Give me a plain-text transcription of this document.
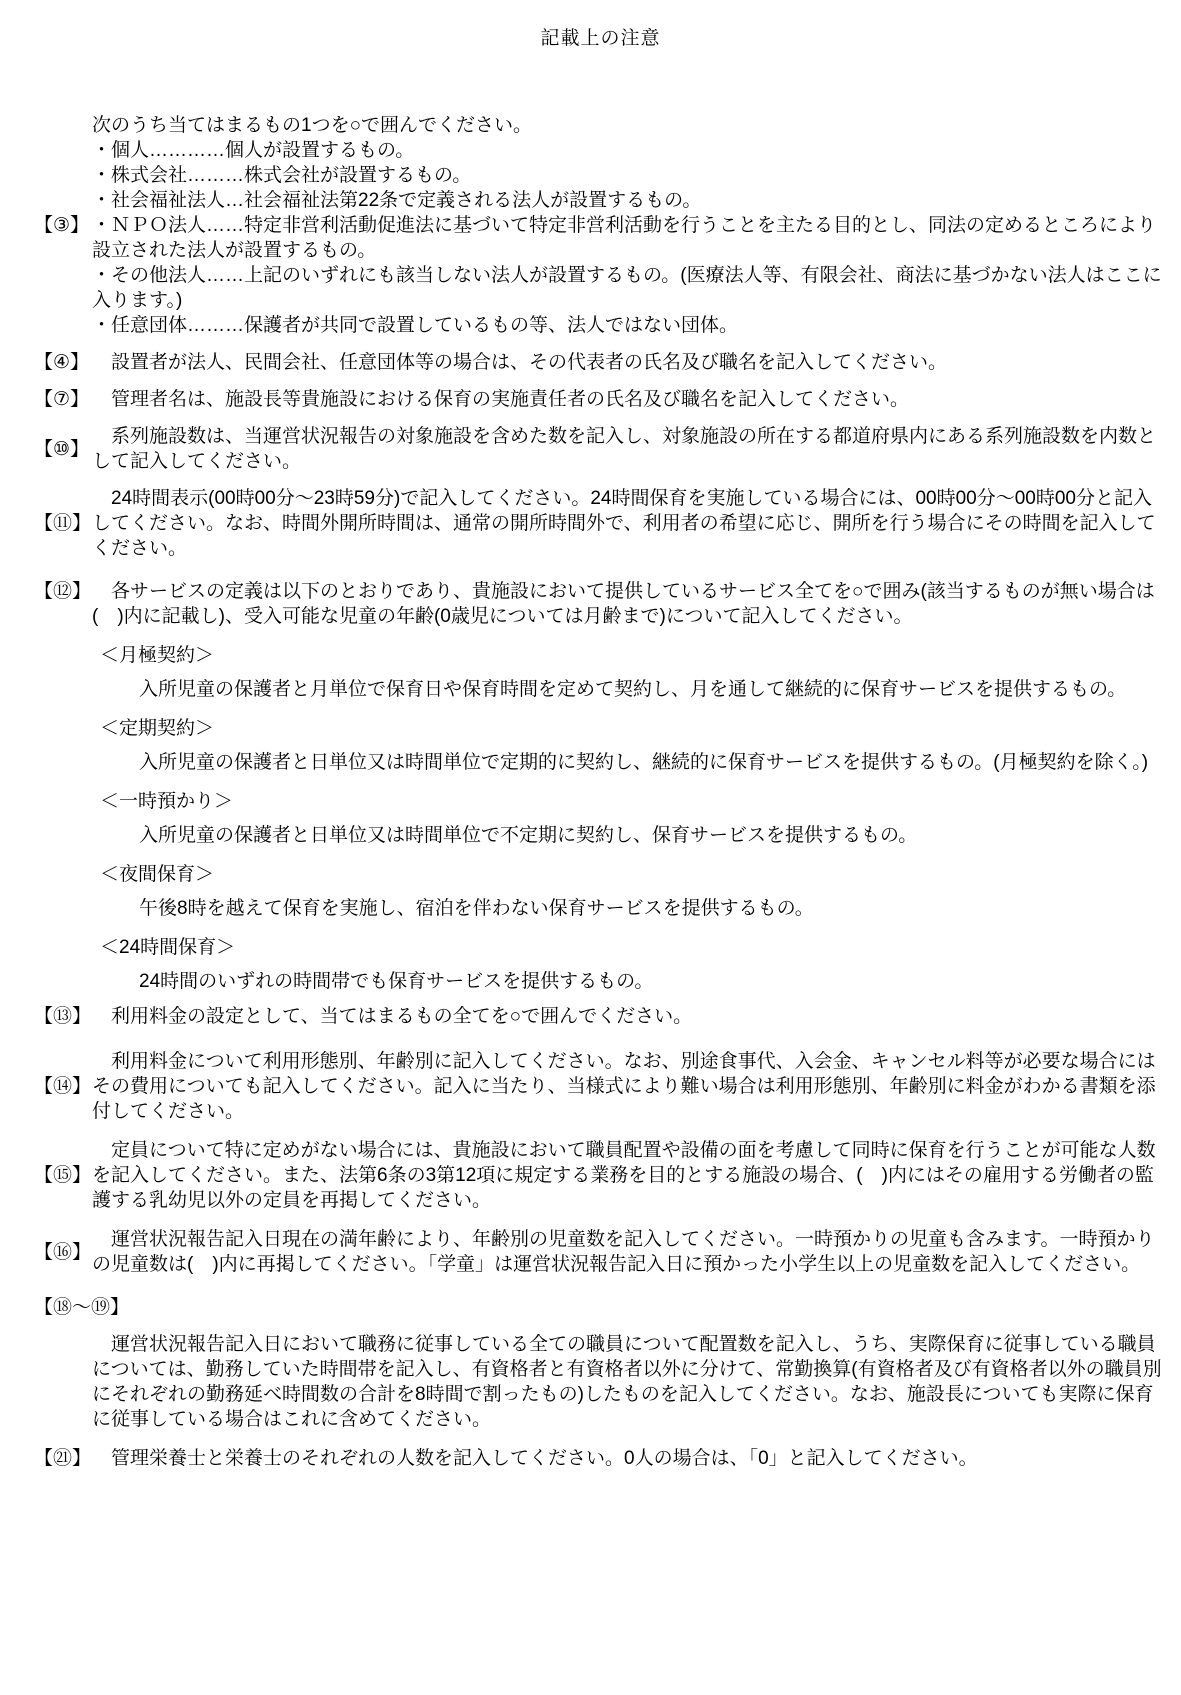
記載上の注意
【③】

次のうち当てはまるもの1つを○で囲んでください。

・個人…………個人が設置するもの。

・株式会社………株式会社が設置するもの。

・社会福祉法人…社会福祉法第22条で定義される法人が設置するもの。

・ＮＰＯ法人……特定非営利活動促進法に基づいて特定非営利活動を行うことを主たる目的とし、同法の定めるところにより設立された法人が設置するもの。

・その他法人……上記のいずれにも該当しない法人が設置するもの。(医療法人等、有限会社、商法に基づかない法人はここに入ります。)

・任意団体………保護者が共同で設置しているもの等、法人ではない団体。

【④】	設置者が法人、民間会社、任意団体等の場合は、その代表者の氏名及び職名を記入してください。

【⑦】	管理者名は、施設長等貴施設における保育の実施責任者の氏名及び職名を記入してください。

【⑩】

系列施設数は、当運営状況報告の対象施設を含めた数を記入し、対象施設の所在する都道府県内にある系列施設数を内数として記入してください。

【⑪】

24時間表示(00時00分～23時59分)で記入してください。24時間保育を実施している場合には、00時00分～00時00分と記入してください。なお、時間外開所時間は、通常の開所時間外で、利用者の希望に応じ、開所を行う場合にその時間を記入してください。

【⑫】	各サービスの定義は以下のとおりであり、貴施設において提供しているサービス全てを○で囲み(該当するものが無い場合は(　)内に記載し)、受入可能な児童の年齢(0歳児については月齢まで)について記入してください。

＜月極契約＞

入所児童の保護者と月単位で保育日や保育時間を定めて契約し、月を通して継続的に保育サービスを提供するもの。

＜定期契約＞

入所児童の保護者と日単位又は時間単位で定期的に契約し、継続的に保育サービスを提供するもの。(月極契約を除く。)

＜一時預かり＞

入所児童の保護者と日単位又は時間単位で不定期に契約し、保育サービスを提供するもの。

＜夜間保育＞

午後8時を越えて保育を実施し、宿泊を伴わない保育サービスを提供するもの。

＜24時間保育＞

24時間のいずれの時間帯でも保育サービスを提供するもの。

【⑬】	利用料金の設定として、当てはまるもの全てを○で囲んでください。

【⑭】

利用料金について利用形態別、年齢別に記入してください。なお、別途食事代、入会金、キャンセル料等が必要な場合にはその費用についても記入してください。記入に当たり、当様式により難い場合は利用形態別、年齢別に料金がわかる書類を添付してください。

【⑮】

定員について特に定めがない場合には、貴施設において職員配置や設備の面を考慮して同時に保育を行うことが可能な人数を記入してください。また、法第6条の3第12項に規定する業務を目的とする施設の場合、(　)内にはその雇用する労働者の監護する乳幼児以外の定員を再掲してください。

【⑯】

運営状況報告記入日現在の満年齢により、年齢別の児童数を記入してください。一時預かりの児童も含みます。一時預かりの児童数は(　)内に再掲してください。「学童」は運営状況報告記入日に預かった小学生以上の児童数を記入してください。

【⑱～⑲】

運営状況報告記入日において職務に従事している全ての職員について配置数を記入し、うち、実際保育に従事している職員については、勤務していた時間帯を記入し、有資格者と有資格者以外に分けて、常勤換算(有資格者及び有資格者以外の職員別にそれぞれの勤務延べ時間数の合計を8時間で割ったもの)したものを記入してください。なお、施設長についても実際に保育に従事している場合はこれに含めてください。

【㉑】	管理栄養士と栄養士のそれぞれの人数を記入してください。0人の場合は、「0」と記入してください。
